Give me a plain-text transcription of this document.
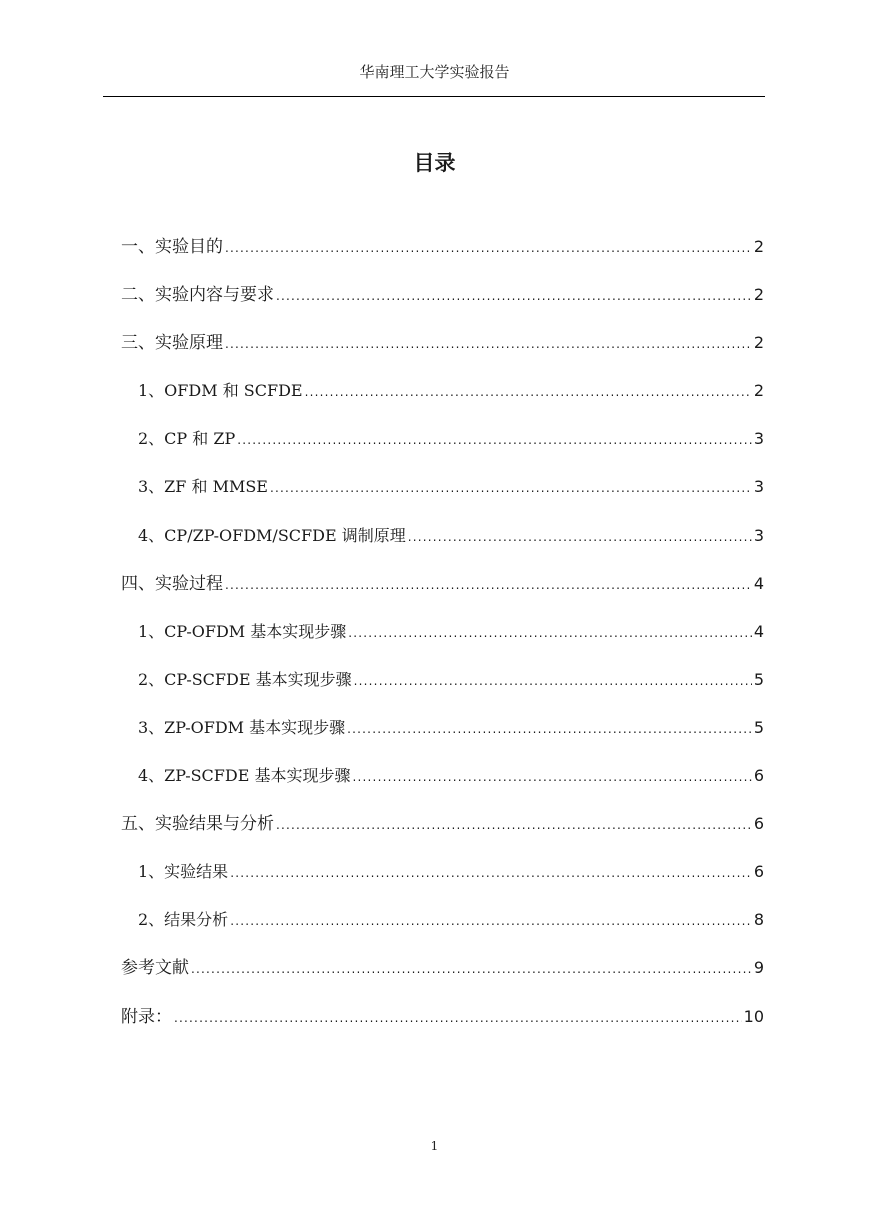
华南理工大学实验报告
目录
一、实验目的 .....	2
二、实验内容与要求 .....	2
三、实验原理 .....	2
1、OFDM 和 SCFDE .....	2
2、CP 和 ZP .....	3
3、ZF 和 MMSE .....	3
4、CP/ZP-OFDM/SCFDE 调制原理 .....	3
四、实验过程 .....	4
1、CP-OFDM 基本实现步骤 .....	4
2、CP-SCFDE 基本实现步骤 .....	5
3、ZP-OFDM 基本实现步骤 .....	5
4、ZP-SCFDE 基本实现步骤 .....	6
五、实验结果与分析 .....	6
1、实验结果 .....	6
2、结果分析 .....	8
参考文献 .....	9
附录： .....	10
1
